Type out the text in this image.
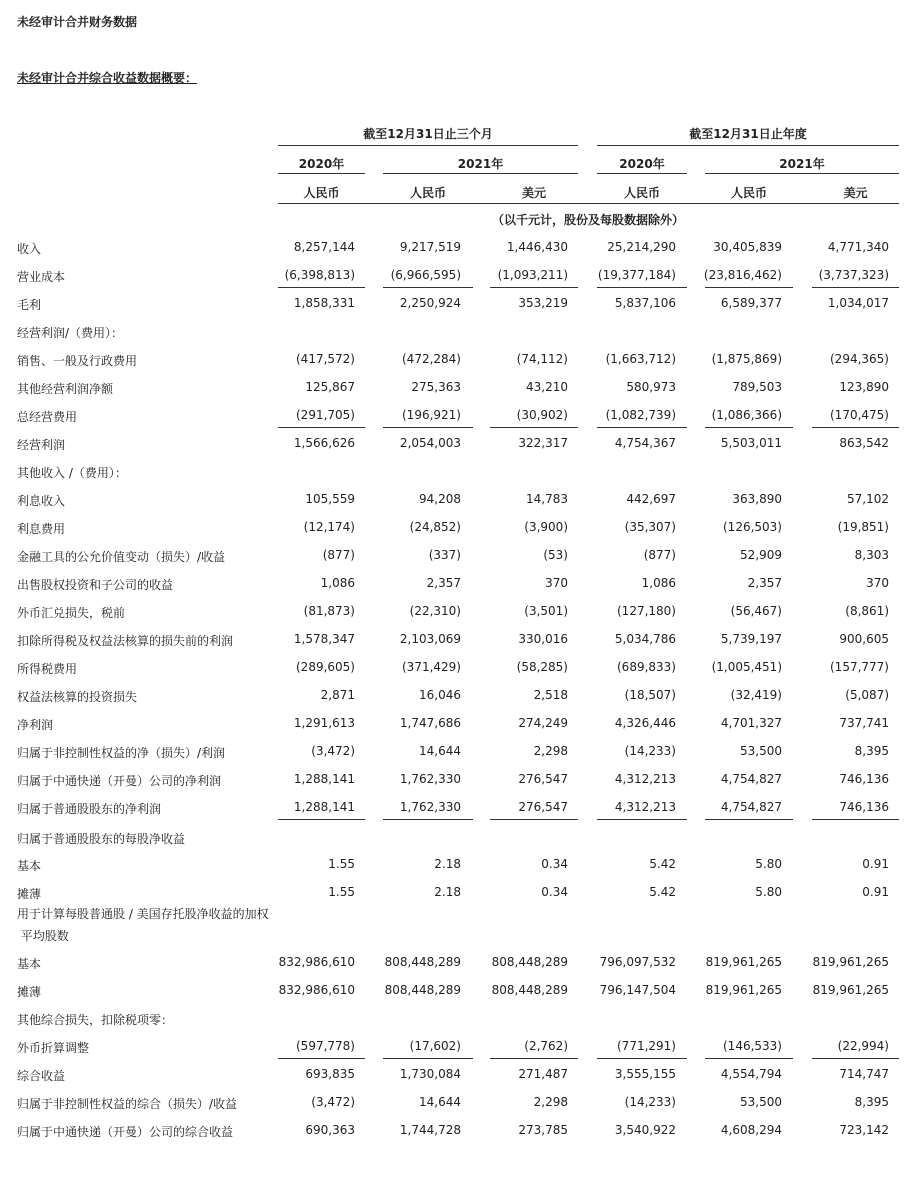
未经审计合并财务数据
未经审计合并综合收益数据概要：
截至12月31日止三个月	截至12月31日止年度
2020年	2021年	2020年	2021年
人民币	人民币	美元	人民币	人民币	美元
（以千元计，股份及每股数据除外）
收入	8,257,144	9,217,519	1,446,430	25,214,290	30,405,839	4,771,340
营业成本	(6,398,813)	(6,966,595)	(1,093,211)	(19,377,184)	(23,816,462)	(3,737,323)
毛利	1,858,331	2,250,924	353,219	5,837,106	6,589,377	1,034,017
经营利润/（费用）：
销售、一般及行政费用	(417,572)	(472,284)	(74,112)	(1,663,712)	(1,875,869)	(294,365)
其他经营利润净额	125,867	275,363	43,210	580,973	789,503	123,890
总经营费用	(291,705)	(196,921)	(30,902)	(1,082,739)	(1,086,366)	(170,475)
经营利润	1,566,626	2,054,003	322,317	4,754,367	5,503,011	863,542
其他收入 /（费用）：
利息收入	105,559	94,208	14,783	442,697	363,890	57,102
利息费用	(12,174)	(24,852)	(3,900)	(35,307)	(126,503)	(19,851)
金融工具的公允价值变动（损失）/收益	(877)	(337)	(53)	(877)	52,909	8,303
出售股权投资和子公司的收益	1,086	2,357	370	1,086	2,357	370
外币汇兑损失，税前	(81,873)	(22,310)	(3,501)	(127,180)	(56,467)	(8,861)
扣除所得税及权益法核算的损失前的利润	1,578,347	2,103,069	330,016	5,034,786	5,739,197	900,605
所得税费用	(289,605)	(371,429)	(58,285)	(689,833)	(1,005,451)	(157,777)
权益法核算的投资损失	2,871	16,046	2,518	(18,507)	(32,419)	(5,087)
净利润	1,291,613	1,747,686	274,249	4,326,446	4,701,327	737,741
归属于非控制性权益的净（损失）/利润	(3,472)	14,644	2,298	(14,233)	53,500	8,395
归属于中通快递（开曼）公司的净利润	1,288,141	1,762,330	276,547	4,312,213	4,754,827	746,136
归属于普通股股东的净利润	1,288,141	1,762,330	276,547	4,312,213	4,754,827	746,136
归属于普通股股东的每股净收益
基本	1.55	2.18	0.34	5.42	5.80	0.91
摊薄	1.55	2.18	0.34	5.42	5.80	0.91
用于计算每股普通股 / 美国存托股净收益的加权
平均股数
基本	832,986,610	808,448,289	808,448,289	796,097,532	819,961,265	819,961,265
摊薄	832,986,610	808,448,289	808,448,289	796,147,504	819,961,265	819,961,265
其他综合损失，扣除税项零：
外币折算调整	(597,778)	(17,602)	(2,762)	(771,291)	(146,533)	(22,994)
综合收益	693,835	1,730,084	271,487	3,555,155	4,554,794	714,747
归属于非控制性权益的综合（损失）/收益	(3,472)	14,644	2,298	(14,233)	53,500	8,395
归属于中通快递（开曼）公司的综合收益	690,363	1,744,728	273,785	3,540,922	4,608,294	723,142
